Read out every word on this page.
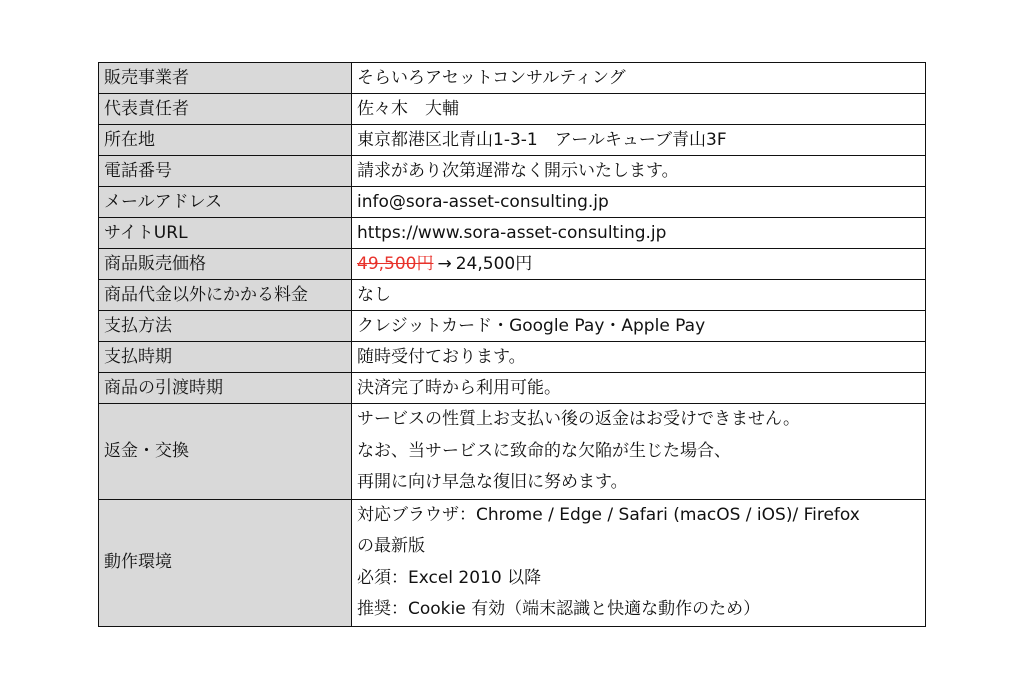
販売事業者	そらいろアセットコンサルティング
代表責任者	佐々木　大輔
所在地	東京都港区北青山1-3-1　アールキューブ青山3F
電話番号	請求があり次第遅滞なく開示いたします。
メールアドレス	info@sora-asset-consulting.jp
サイトURL	https://www.sora-asset-consulting.jp
商品販売価格	49,500円 → 24,500円
商品代金以外にかかる料金	なし
支払方法	クレジットカード・Google Pay・Apple Pay
支払時期	随時受付ております。
商品の引渡時期	決済完了時から利用可能。
返金・交換	サービスの性質上お支払い後の返金はお受けできません。
なお、当サービスに致命的な欠陥が生じた場合、
再開に向け早急な復旧に努めます。

動作環境	対応ブラウザ：Chrome / Edge / Safari (macOS / iOS)/ Firefox
の最新版
必須：Excel 2010 以降
推奨：Cookie 有効（端末認識と快適な動作のため）
